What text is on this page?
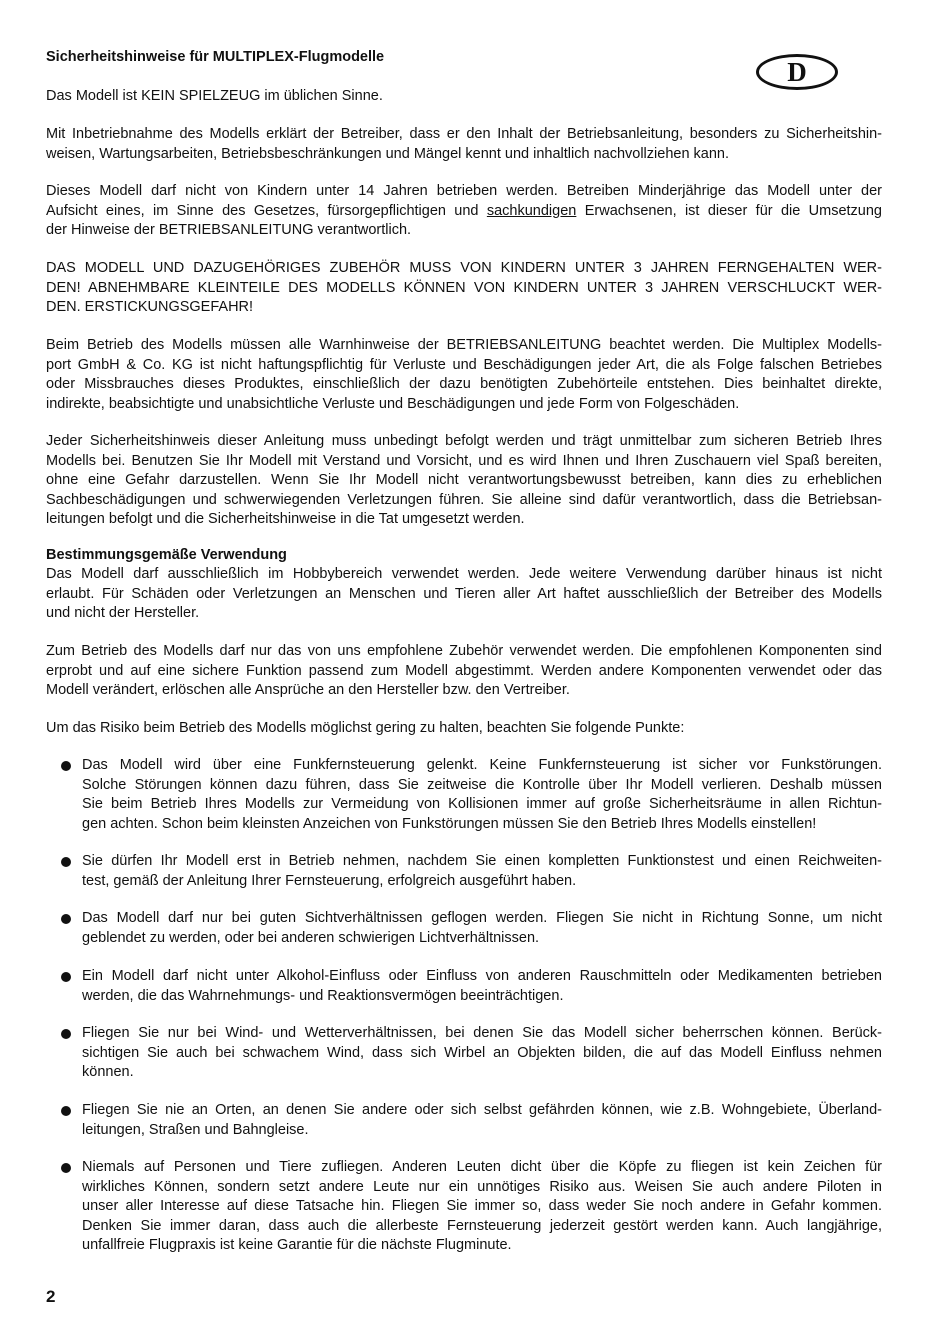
Sicherheitshinweise für MULTIPLEX-Flugmodelle	D
Das Modell ist KEIN SPIELZEUG im üblichen Sinne.
Mit Inbetriebnahme des Modells erklärt der Betreiber, dass er den Inhalt der Betriebsanleitung, besonders zu Sicherheitshin-
weisen, Wartungsarbeiten, Betriebsbeschränkungen und Mängel kennt und inhaltlich nachvollziehen kann.
Dieses Modell darf nicht von Kindern unter 14 Jahren betrieben werden. Betreiben Minderjährige das Modell unter der
Aufsicht eines, im Sinne des Gesetzes, fürsorgepflichtigen und sachkundigen Erwachsenen, ist dieser für die Umsetzung
der Hinweise der BETRIEBSANLEITUNG verantwortlich.
DAS MODELL UND DAZUGEHÖRIGES ZUBEHÖR MUSS VON KINDERN UNTER 3 JAHREN FERNGEHALTEN WER-
DEN! ABNEHMBARE KLEINTEILE DES MODELLS KÖNNEN VON KINDERN UNTER 3 JAHREN VERSCHLUCKT WER-
DEN. ERSTICKUNGSGEFAHR!
Beim Betrieb des Modells müssen alle Warnhinweise der BETRIEBSANLEITUNG beachtet werden. Die Multiplex Modells-
port GmbH & Co. KG ist nicht haftungspflichtig für Verluste und Beschädigungen jeder Art, die als Folge falschen Betriebes
oder Missbrauches dieses Produktes, einschließlich der dazu benötigten Zubehörteile entstehen. Dies beinhaltet direkte,
indirekte, beabsichtigte und unabsichtliche Verluste und Beschädigungen und jede Form von Folgeschäden.
Jeder Sicherheitshinweis dieser Anleitung muss unbedingt befolgt werden und trägt unmittelbar zum sicheren Betrieb Ihres
Modells bei. Benutzen Sie Ihr Modell mit Verstand und Vorsicht, und es wird Ihnen und Ihren Zuschauern viel Spaß bereiten,
ohne eine Gefahr darzustellen. Wenn Sie Ihr Modell nicht verantwortungsbewusst betreiben, kann dies zu erheblichen
Sachbeschädigungen und schwerwiegenden Verletzungen führen. Sie alleine sind dafür verantwortlich, dass die Betriebsan-
leitungen befolgt und die Sicherheitshinweise in die Tat umgesetzt werden.
Bestimmungsgemäße Verwendung
Das Modell darf ausschließlich im Hobbybereich verwendet werden. Jede weitere Verwendung darüber hinaus ist nicht
erlaubt. Für Schäden oder Verletzungen an Menschen und Tieren aller Art haftet ausschließlich der Betreiber des Modells
und nicht der Hersteller.
Zum Betrieb des Modells darf nur das von uns empfohlene Zubehör verwendet werden. Die empfohlenen Komponenten sind
erprobt und auf eine sichere Funktion passend zum Modell abgestimmt. Werden andere Komponenten verwendet oder das
Modell verändert, erlöschen alle Ansprüche an den Hersteller bzw. den Vertreiber.
Um das Risiko beim Betrieb des Modells möglichst gering zu halten, beachten Sie folgende Punkte:
Das Modell wird über eine Funkfernsteuerung gelenkt. Keine Funkfernsteuerung ist sicher vor Funkstörungen.
Solche Störungen können dazu führen, dass Sie zeitweise die Kontrolle über Ihr Modell verlieren. Deshalb müssen
Sie beim Betrieb Ihres Modells zur Vermeidung von Kollisionen immer auf große Sicherheitsräume in allen Richtun-
gen achten. Schon beim kleinsten Anzeichen von Funkstörungen müssen Sie den Betrieb Ihres Modells einstellen!
Sie dürfen Ihr Modell erst in Betrieb nehmen, nachdem Sie einen kompletten Funktionstest und einen Reichweiten-
test, gemäß der Anleitung Ihrer Fernsteuerung, erfolgreich ausgeführt haben.
Das Modell darf nur bei guten Sichtverhältnissen geflogen werden. Fliegen Sie nicht in Richtung Sonne, um nicht
geblendet zu werden, oder bei anderen schwierigen Lichtverhältnissen.
Ein Modell darf nicht unter Alkohol-Einfluss oder Einfluss von anderen Rauschmitteln oder Medikamenten betrieben
werden, die das Wahrnehmungs- und Reaktionsvermögen beeinträchtigen.
Fliegen Sie nur bei Wind- und Wetterverhältnissen, bei denen Sie das Modell sicher beherrschen können. Berück-
sichtigen Sie auch bei schwachem Wind, dass sich Wirbel an Objekten bilden, die auf das Modell Einfluss nehmen
können.
Fliegen Sie nie an Orten, an denen Sie andere oder sich selbst gefährden können, wie z.B. Wohngebiete, Überland-
leitungen, Straßen und Bahngleise.
Niemals auf Personen und Tiere zufliegen. Anderen Leuten dicht über die Köpfe zu fliegen ist kein Zeichen für
wirkliches Können, sondern setzt andere Leute nur ein unnötiges Risiko aus. Weisen Sie auch andere Piloten in
unser aller Interesse auf diese Tatsache hin. Fliegen Sie immer so, dass weder Sie noch andere in Gefahr kommen.
Denken Sie immer daran, dass auch die allerbeste Fernsteuerung jederzeit gestört werden kann. Auch langjährige,
unfallfreie Flugpraxis ist keine Garantie für die nächste Flugminute.
2
